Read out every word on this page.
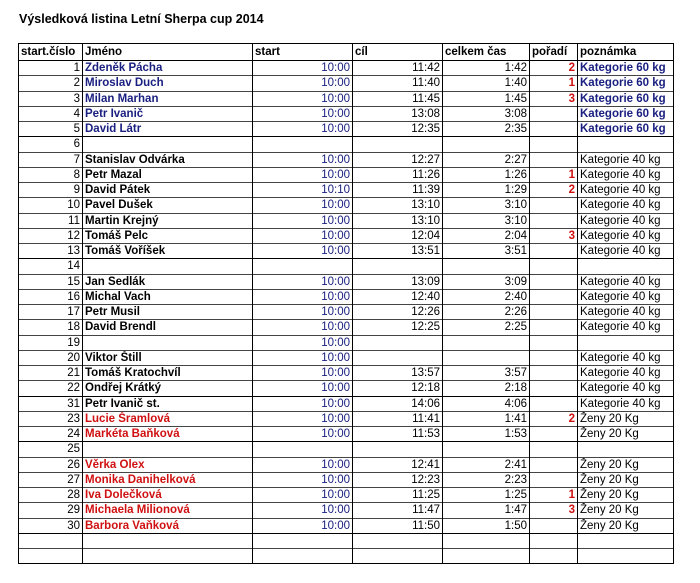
Výsledková listina Letní Sherpa cup 2014
start.číslo	Jméno	start	cíl	celkem čas	pořadí	poznámka
1	Zdeněk Pácha	10:00	11:42	1:42	2	Kategorie 60 kg
2	Miroslav Duch	10:00	11:40	1:40	1	Kategorie 60 kg
3	Milan Marhan	10:00	11:45	1:45	3	Kategorie 60 kg
4	Petr Ivanič	10:00	13:08	3:08		Kategorie 60 kg
5	David Látr	10:00	12:35	2:35		Kategorie 60 kg
6						
7	Stanislav Odvárka	10:00	12:27	2:27		Kategorie 40 kg
8	Petr Mazal	10:00	11:26	1:26	1	Kategorie 40 kg
9	David Pátek	10:10	11:39	1:29	2	Kategorie 40 kg
10	Pavel Dušek	10:00	13:10	3:10		Kategorie 40 kg
11	Martin Krejný	10:00	13:10	3:10		Kategorie 40 kg
12	Tomáš Pelc	10:00	12:04	2:04	3	Kategorie 40 kg
13	Tomáš Voříšek	10:00	13:51	3:51		Kategorie 40 kg
14						
15	Jan Sedlák	10:00	13:09	3:09		Kategorie 40 kg
16	Michal Vach	10:00	12:40	2:40		Kategorie 40 kg
17	Petr Musil	10:00	12:26	2:26		Kategorie 40 kg
18	David Brendl	10:00	12:25	2:25		Kategorie 40 kg
19		10:00				
20	Viktor Štill	10:00				Kategorie 40 kg
21	Tomáš Kratochvíl	10:00	13:57	3:57		Kategorie 40 kg
22	Ondřej Krátký	10:00	12:18	2:18		Kategorie 40 kg
31	Petr Ivanič st.	10:00	14:06	4:06		Kategorie 40 kg
23	Lucie Šramlová	10:00	11:41	1:41	2	Ženy 20 Kg
24	Markéta Baňková	10:00	11:53	1:53		Ženy 20 Kg
25						
26	Věrka Olex	10:00	12:41	2:41		Ženy 20 Kg
27	Monika Danihelková	10:00	12:23	2:23		Ženy 20 Kg
28	Iva Dolečková	10:00	11:25	1:25	1	Ženy 20 Kg
29	Michaela Milionová	10:00	11:47	1:47	3	Ženy 20 Kg
30	Barbora Vaňková	10:00	11:50	1:50		Ženy 20 Kg
